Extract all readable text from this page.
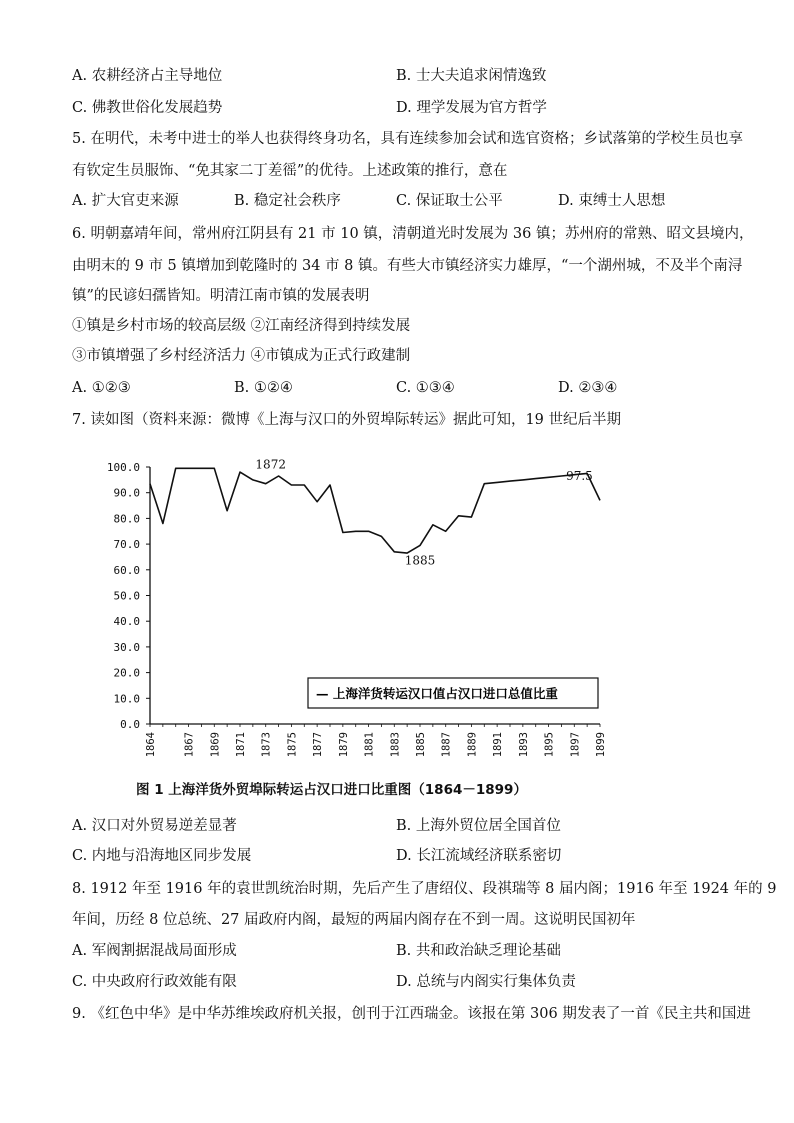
A. 农耕经济占主导地位	B. 士大夫追求闲情逸致
C. 佛教世俗化发展趋势	D. 理学发展为官方哲学
5. 在明代，未考中进士的举人也获得终身功名，具有连续参加会试和选官资格；乡试落第的学校生员也享
有钦定生员服饰、“免其家二丁差徭”的优待。上述政策的推行，意在
A. 扩大官吏来源	B. 稳定社会秩序	C. 保证取士公平	D. 束缚士人思想
6. 明朝嘉靖年间，常州府江阴县有 21 市 10 镇，清朝道光时发展为 36 镇；苏州府的常熟、昭文县境内，
由明末的 9 市 5 镇增加到乾隆时的 34 市 8 镇。有些大市镇经济实力雄厚，“一个湖州城，不及半个南浔
镇”的民谚妇孺皆知。明清江南市镇的发展表明
①镇是乡村市场的较高层级 ②江南经济得到持续发展
③市镇增强了乡村经济活力 ④市镇成为正式行政建制
A. ①②③	B. ①②④	C. ①③④	D. ②③④
7. 读如图（资料来源：微博《上海与汉口的外贸埠际转运》据此可知，19 世纪后半期
0.0
10.0
20.0
30.0
40.0
50.0
60.0
70.0
80.0
90.0
100.0
1864	1867 1869 1871 1873 1875 1877 1879 1881 1883 1885 1887 1889 1891 1893 1895 1897 1899
1872
1885
97.5
— 上海洋货转运汉口值占汉口进口总值比重
图 1 上海洋货外贸埠际转运占汉口进口比重图（1864－1899）
A. 汉口对外贸易逆差显著	B. 上海外贸位居全国首位
C. 内地与沿海地区同步发展	D. 长江流域经济联系密切
8. 1912 年至 1916 年的袁世凯统治时期，先后产生了唐绍仪、段祺瑞等 8 届内阁；1916 年至 1924 年的 9
年间，历经 8 位总统、27 届政府内阁，最短的两届内阁存在不到一周。这说明民国初年
A. 军阀割据混战局面形成	B. 共和政治缺乏理论基础
C. 中央政府行政效能有限	D. 总统与内阁实行集体负责
9. 《红色中华》是中华苏维埃政府机关报，创刊于江西瑞金。该报在第 306 期发表了一首《民主共和国进
